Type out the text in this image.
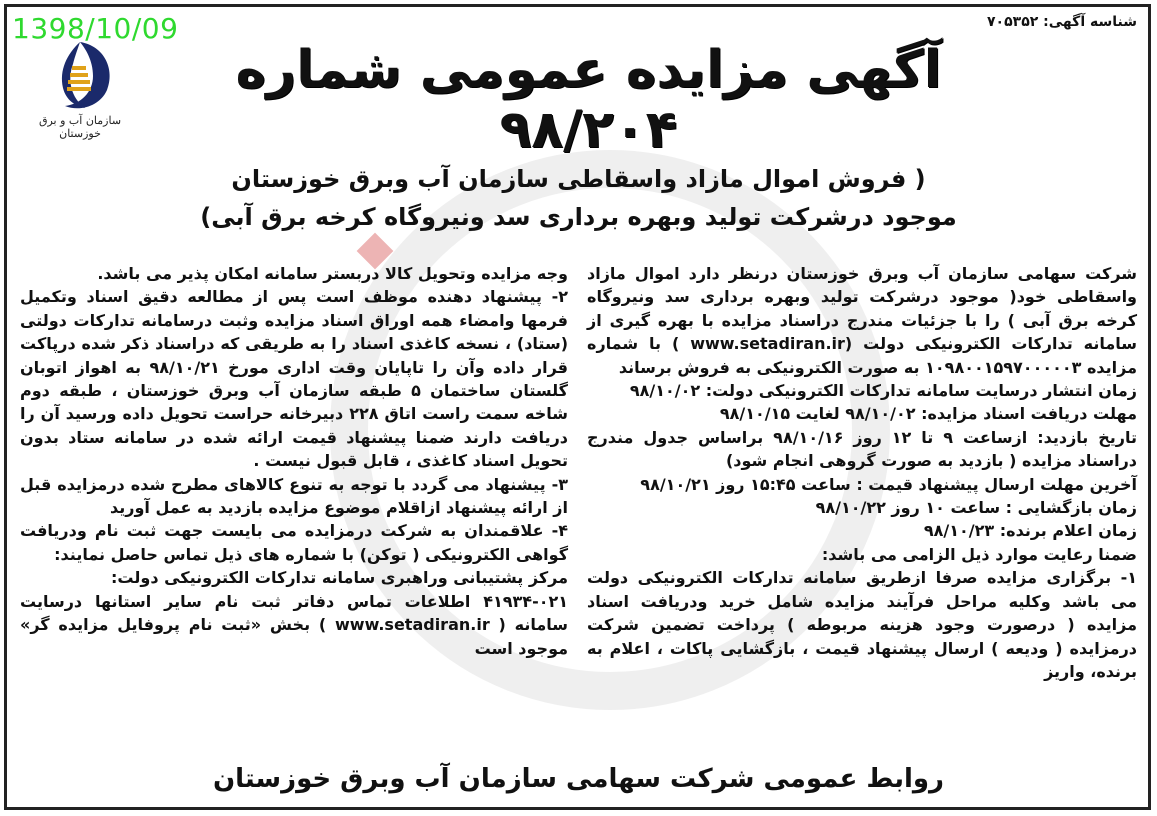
1398/10/09	شناسه آگهی: ۷۰۵۳۵۲
سازمان آب و برق خوزستان
آگهی مزایده عمومی شماره ۹۸/۲۰۴
( فروش اموال مازاد واسقاطی سازمان آب وبرق خوزستان
موجود درشرکت تولید وبهره برداری سد ونیروگاه کرخه برق آبی)

شرکت سهامی سازمان آب وبرق خوزستان درنظر دارد اموال مازاد واسقاطی خود( موجود درشرکت تولید وبهره برداری سد ونیروگاه کرخه برق آبی ) را با جزئیات مندرج دراسناد مزایده با بهره گیری از سامانه تدارکات الکترونیکی دولت (www.setadiran.ir ) با شماره مزایده ۱۰۹۸۰۰۱۵۹۷۰۰۰۰۰۳ به صورت الکترونیکی به فروش برساند

زمان انتشار درسایت سامانه تدارکات الکترونیکی دولت: ۹۸/۱۰/۰۲

مهلت دریافت اسناد مزایده: ۹۸/۱۰/۰۲ لغایت ۹۸/۱۰/۱۵

تاریخ بازدید: ازساعت ۹ تا ۱۲ روز ۹۸/۱۰/۱۶ براساس جدول مندرج دراسناد مزایده ( بازدید به صورت گروهی انجام شود)

آخرین مهلت ارسال پیشنهاد قیمت : ساعت ۱۵:۴۵ روز ۹۸/۱۰/۲۱

زمان بازگشایی : ساعت ۱۰ روز ۹۸/۱۰/۲۲

زمان اعلام برنده: ۹۸/۱۰/۲۳

ضمنا رعایت موارد ذیل الزامی می باشد:

۱- برگزاری مزایده صرفا ازطریق سامانه تدارکات الکترونیکی دولت می باشد وکلیه مراحل فرآیند مزایده شامل خرید ودریافت اسناد مزایده ( درصورت وجود هزینه مربوطه ) پرداخت تضمین شرکت درمزایده ( ودیعه ) ارسال پیشنهاد قیمت ، بازگشایی پاکات ، اعلام به برنده، واریز

وجه مزایده وتحویل کالا دربستر سامانه امکان پذیر می باشد.

۲- پیشنهاد دهنده موظف است پس از مطالعه دقیق اسناد وتکمیل فرمها وامضاء همه اوراق اسناد مزایده وثبت درسامانه تدارکات دولتی (ستاد) ، نسخه کاغذی اسناد را به طریقی که دراسناد ذکر شده درپاکت قرار داده وآن را تاپایان وقت اداری مورخ ۹۸/۱۰/۲۱ به اهواز اتوبان گلستان ساختمان ۵ طبقه سازمان آب وبرق خوزستان ، طبقه دوم شاخه سمت راست اتاق ۲۲۸ دبیرخانه حراست تحویل داده ورسید آن را دریافت دارند ضمنا پیشنهاد قیمت ارائه شده در سامانه ستاد بدون تحویل اسناد کاغذی ، قابل قبول نیست .

۳- پیشنهاد می گردد با توجه به تنوع کالاهای مطرح شده درمزایده قبل از ارائه پیشنهاد ازاقلام موضوع مزایده بازدید به عمل آورید

۴- علاقمندان به شرکت درمزایده می بایست جهت ثبت نام ودریافت گواهی الکترونیکی ( توکن) با شماره های ذیل تماس حاصل نمایند:

مرکز پشتیبانی وراهبری سامانه تدارکات الکترونیکی دولت:

۴۱۹۳۴-۰۲۱ اطلاعات تماس دفاتر ثبت نام سایر استانها درسایت سامانه ( www.setadiran.ir ) بخش «ثبت نام پروفایل مزایده گر» موجود است

روابط عمومی شرکت سهامی سازمان آب وبرق خوزستان
